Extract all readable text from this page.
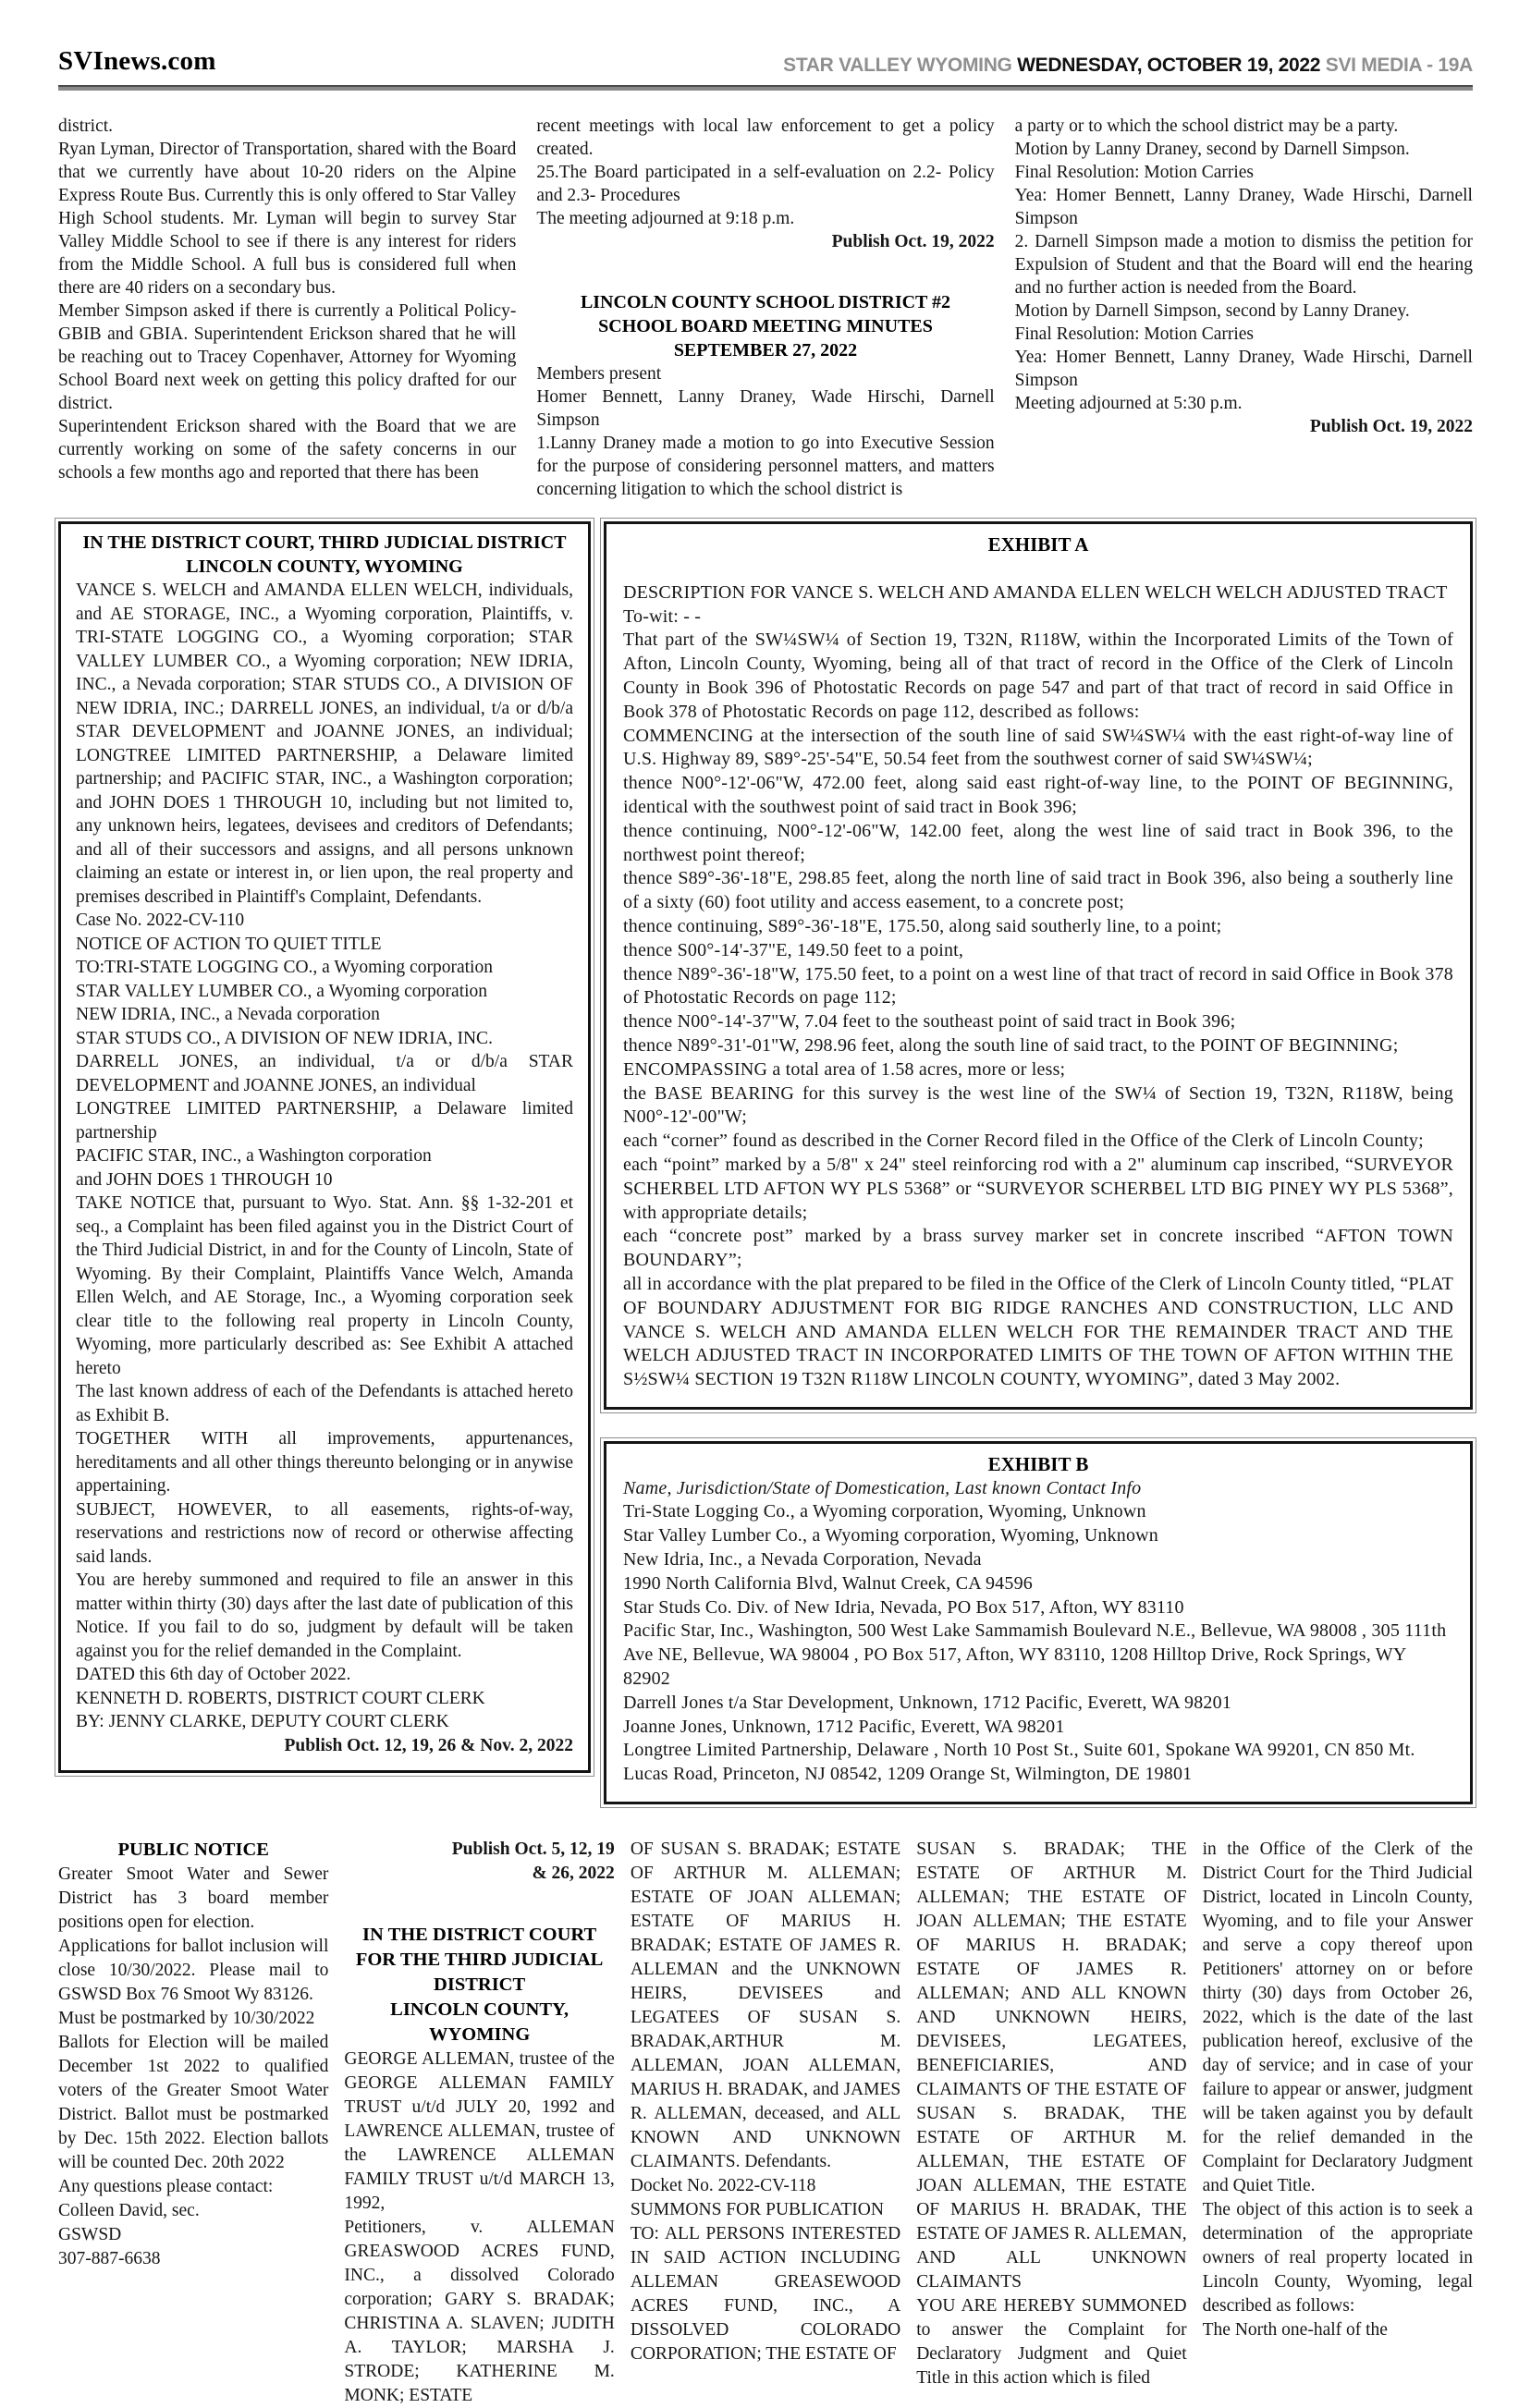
SVInews.com	STAR VALLEY WYOMING WEDNESDAY, OCTOBER 19, 2022 SVI MEDIA - 19A

district.

Ryan Lyman, Director of Transportation, shared with the Board that we currently have about 10-20 riders on the Alpine Express Route Bus. Currently this is only offered to Star Valley High School students. Mr. Lyman will begin to survey Star Valley Middle School to see if there is any interest for riders from the Middle School. A full bus is considered full when there are 40 riders on a secondary bus.

Member Simpson asked if there is currently a Political Policy- GBIB and GBIA. Superintendent Erickson shared that he will be reaching out to Tracey Copenhaver, Attorney for Wyoming School Board next week on getting this policy drafted for our district.

Superintendent Erickson shared with the Board that we are currently working on some of the safety concerns in our schools a few months ago and reported that there has been

recent meetings with local law enforcement to get a policy created.

25.The Board participated in a self-evaluation on 2.2- Policy and 2.3- Procedures

The meeting adjourned at 9:18 p.m.

Publish Oct. 19, 2022

LINCOLN COUNTY SCHOOL DISTRICT #2

SCHOOL BOARD MEETING MINUTES

SEPTEMBER 27, 2022

Members present

Homer Bennett, Lanny Draney, Wade Hirschi, Darnell Simpson

1.Lanny Draney made a motion to go into Executive Session for the purpose of considering personnel matters, and matters concerning litigation to which the school district is

a party or to which the school district may be a party.

Motion by Lanny Draney, second by Darnell Simpson.

Final Resolution: Motion Carries

Yea: Homer Bennett, Lanny Draney, Wade Hirschi, Darnell Simpson

2. Darnell Simpson made a motion to dismiss the petition for Expulsion of Student and that the Board will end the hearing and no further action is needed from the Board.

Motion by Darnell Simpson, second by Lanny Draney.

Final Resolution: Motion Carries

Yea: Homer Bennett, Lanny Draney, Wade Hirschi, Darnell Simpson

Meeting adjourned at 5:30 p.m.

Publish Oct. 19, 2022

IN THE DISTRICT COURT, THIRD JUDICIAL DISTRICT

LINCOLN COUNTY, WYOMING

VANCE S. WELCH and AMANDA ELLEN WELCH, individuals, and AE STORAGE, INC., a Wyoming corporation, Plaintiffs, v. TRI-STATE LOGGING CO., a Wyoming corporation; STAR VALLEY LUMBER CO., a Wyoming corporation; NEW IDRIA, INC., a Nevada corporation; STAR STUDS CO., A DIVISION OF NEW IDRIA, INC.; DARRELL JONES, an individual, t/a or d/b/a STAR DEVELOPMENT and JOANNE JONES, an individual; LONGTREE LIMITED PARTNERSHIP, a Delaware limited partnership; and PACIFIC STAR, INC., a Washington corporation; and JOHN DOES 1 THROUGH 10, including but not limited to, any unknown heirs, legatees, devisees and creditors of Defendants; and all of their successors and assigns, and all persons unknown claiming an estate or interest in, or lien upon, the real property and premises described in Plaintiff's Complaint, Defendants.

Case No. 2022-CV-110

NOTICE OF ACTION TO QUIET TITLE

TO:TRI-STATE LOGGING CO., a Wyoming corporation

STAR VALLEY LUMBER CO., a Wyoming corporation

NEW IDRIA, INC., a Nevada corporation

STAR STUDS CO., A DIVISION OF NEW IDRIA, INC.

DARRELL JONES, an individual, t/a or d/b/a STAR DEVELOPMENT and JOANNE JONES, an individual

LONGTREE LIMITED PARTNERSHIP, a Delaware limited partnership

PACIFIC STAR, INC., a Washington corporation

and JOHN DOES 1 THROUGH 10

TAKE NOTICE that, pursuant to Wyo. Stat. Ann. §§ 1-32-201 et seq., a Complaint has been filed against you in the District Court of the Third Judicial District, in and for the County of Lincoln, State of Wyoming. By their Complaint, Plaintiffs Vance Welch, Amanda Ellen Welch, and AE Storage, Inc., a Wyoming corporation seek clear title to the following real property in Lincoln County, Wyoming, more particularly described as: See Exhibit A attached hereto

The last known address of each of the Defendants is attached hereto as Exhibit B.

TOGETHER WITH all improvements, appurtenances, hereditaments and all other things thereunto belonging or in anywise appertaining.

SUBJECT, HOWEVER, to all easements, rights-of-way, reservations and restrictions now of record or otherwise affecting said lands.

You are hereby summoned and required to file an answer in this matter within thirty (30) days after the last date of publication of this Notice. If you fail to do so, judgment by default will be taken against you for the relief demanded in the Complaint.

DATED this 6th day of October 2022.

KENNETH D. ROBERTS, DISTRICT COURT CLERK

BY: JENNY CLARKE, DEPUTY COURT CLERK

Publish Oct. 12, 19, 26 & Nov. 2, 2022

EXHIBIT A

DESCRIPTION FOR VANCE S. WELCH AND AMANDA ELLEN WELCH WELCH ADJUSTED TRACT

To-wit: - -

That part of the SW¼SW¼ of Section 19, T32N, R118W, within the Incorporated Limits of the Town of Afton, Lincoln County, Wyoming, being all of that tract of record in the Office of the Clerk of Lincoln County in Book 396 of Photostatic Records on page 547 and part of that tract of record in said Office in Book 378 of Photostatic Records on page 112, described as follows:

COMMENCING at the intersection of the south line of said SW¼SW¼ with the east right-of-way line of U.S. Highway 89, S89°-25'-54"E, 50.54 feet from the southwest corner of said SW¼SW¼;

thence N00°-12'-06"W, 472.00 feet, along said east right-of-way line, to the POINT OF BEGINNING, identical with the southwest point of said tract in Book 396;

thence continuing, N00°-12'-06"W, 142.00 feet, along the west line of said tract in Book 396, to the northwest point thereof;

thence S89°-36'-18"E, 298.85 feet, along the north line of said tract in Book 396, also being a southerly line of a sixty (60) foot utility and access easement, to a concrete post;

thence continuing, S89°-36'-18"E, 175.50, along said southerly line, to a point;

thence S00°-14'-37"E, 149.50 feet to a point,

thence N89°-36'-18"W, 175.50 feet, to a point on a west line of that tract of record in said Office in Book 378 of Photostatic Records on page 112;

thence N00°-14'-37"W, 7.04 feet to the southeast point of said tract in Book 396;

thence N89°-31'-01"W, 298.96 feet, along the south line of said tract, to the POINT OF BEGINNING;

ENCOMPASSING a total area of 1.58 acres, more or less;

the BASE BEARING for this survey is the west line of the SW¼ of Section 19, T32N, R118W, being N00°-12'-00"W;

each “corner” found as described in the Corner Record filed in the Office of the Clerk of Lincoln County;

each “point” marked by a 5/8" x 24" steel reinforcing rod with a 2" aluminum cap inscribed, “SURVEYOR SCHERBEL LTD AFTON WY PLS 5368” or “SURVEYOR SCHERBEL LTD BIG PINEY WY PLS 5368”, with appropriate details;

each “concrete post” marked by a brass survey marker set in concrete inscribed “AFTON TOWN BOUNDARY”;

all in accordance with the plat prepared to be filed in the Office of the Clerk of Lincoln County titled, “PLAT OF BOUNDARY ADJUSTMENT FOR BIG RIDGE RANCHES AND CONSTRUCTION, LLC AND VANCE S. WELCH AND AMANDA ELLEN WELCH FOR THE REMAINDER TRACT AND THE WELCH ADJUSTED TRACT IN INCORPORATED LIMITS OF THE TOWN OF AFTON WITHIN THE S½SW¼ SECTION 19 T32N R118W LINCOLN COUNTY, WYOMING”, dated 3 May 2002.

EXHIBIT B

Name, Jurisdiction/State of Domestication, Last known Contact Info

Tri-State Logging Co., a Wyoming corporation, Wyoming, Unknown

Star Valley Lumber Co., a Wyoming corporation, Wyoming, Unknown

New Idria, Inc., a Nevada Corporation, Nevada

1990 North California Blvd, Walnut Creek, CA 94596

Star Studs Co. Div. of New Idria, Nevada, PO Box 517, Afton, WY 83110

Pacific Star, Inc., Washington, 500 West Lake Sammamish Boulevard N.E., Bellevue, WA 98008 , 305 111th Ave NE, Bellevue, WA 98004 , PO Box 517, Afton, WY 83110, 1208 Hilltop Drive, Rock Springs, WY 82902

Darrell Jones t/a Star Development, Unknown, 1712 Pacific, Everett, WA 98201

Joanne Jones, Unknown, 1712 Pacific, Everett, WA 98201

Longtree Limited Partnership, Delaware , North 10 Post St., Suite 601, Spokane WA 99201, CN 850 Mt. Lucas Road, Princeton, NJ 08542, 1209 Orange St, Wilmington, DE 19801

PUBLIC NOTICE

Greater Smoot Water and Sewer District has 3 board member positions open for election.

Applications for ballot inclusion will close 10/30/2022. Please mail to GSWSD Box 76 Smoot Wy 83126.

Must be postmarked by 10/30/2022

Ballots for Election will be mailed December 1st 2022 to qualified voters of the Greater Smoot Water District. Ballot must be postmarked by Dec. 15th 2022. Election ballots will be counted Dec. 20th 2022

Any questions please contact:

Colleen David, sec.

GSWSD

307-887-6638

Publish Oct. 5, 12, 19

& 26, 2022

IN THE DISTRICT COURT

FOR THE THIRD JUDICIAL

DISTRICT

LINCOLN COUNTY, WYOMING

GEORGE ALLEMAN, trustee of the GEORGE ALLEMAN FAMILY TRUST u/t/d JULY 20, 1992 and LAWRENCE ALLEMAN, trustee of the LAWRENCE ALLEMAN FAMILY TRUST u/t/d MARCH 13, 1992,

Petitioners, v. ALLEMAN GREASWOOD ACRES FUND, INC., a dissolved Colorado corporation; GARY S. BRADAK; CHRISTINA A. SLAVEN; JUDITH A. TAYLOR; MARSHA J. STRODE; KATHERINE M. MONK; ESTATE

OF SUSAN S. BRADAK; ESTATE OF ARTHUR M. ALLEMAN; ESTATE OF JOAN ALLEMAN; ESTATE OF MARIUS H. BRADAK; ESTATE OF JAMES R. ALLEMAN and the UNKNOWN HEIRS, DEVISEES and LEGATEES OF SUSAN S. BRADAK,ARTHUR M. ALLEMAN, JOAN ALLEMAN, MARIUS H. BRADAK, and JAMES R. ALLEMAN, deceased, and ALL KNOWN AND UNKNOWN CLAIMANTS. Defendants.

Docket No. 2022-CV-118

SUMMONS FOR PUBLICATION

TO: ALL PERSONS INTERESTED IN SAID ACTION INCLUDING ALLEMAN GREASEWOOD ACRES FUND, INC., A DISSOLVED COLORADO CORPORATION; THE ESTATE OF

SUSAN S. BRADAK; THE ESTATE OF ARTHUR M. ALLEMAN; THE ESTATE OF JOAN ALLEMAN; THE ESTATE OF MARIUS H. BRADAK; ESTATE OF JAMES R. ALLEMAN; AND ALL KNOWN AND UNKNOWN HEIRS, DEVISEES, LEGATEES, BENEFICIARIES, AND CLAIMANTS OF THE ESTATE OF SUSAN S. BRADAK, THE ESTATE OF ARTHUR M. ALLEMAN, THE ESTATE OF JOAN ALLEMAN, THE ESTATE OF MARIUS H. BRADAK, THE ESTATE OF JAMES R. ALLEMAN, AND ALL UNKNOWN CLAIMANTS

YOU ARE HEREBY SUMMONED to answer the Complaint for Declaratory Judgment and Quiet Title in this action which is filed

in the Office of the Clerk of the District Court for the Third Judicial District, located in Lincoln County, Wyoming, and to file your Answer and serve a copy thereof upon Petitioners' attorney on or before thirty (30) days from October 26, 2022, which is the date of the last publication hereof, exclusive of the day of service; and in case of your failure to appear or answer, judgment will be taken against you by default for the relief demanded in the Complaint for Declaratory Judgment and Quiet Title.

The object of this action is to seek a determination of the appropriate owners of real property located in Lincoln County, Wyoming, legal described as follows:

The North one-half of the
